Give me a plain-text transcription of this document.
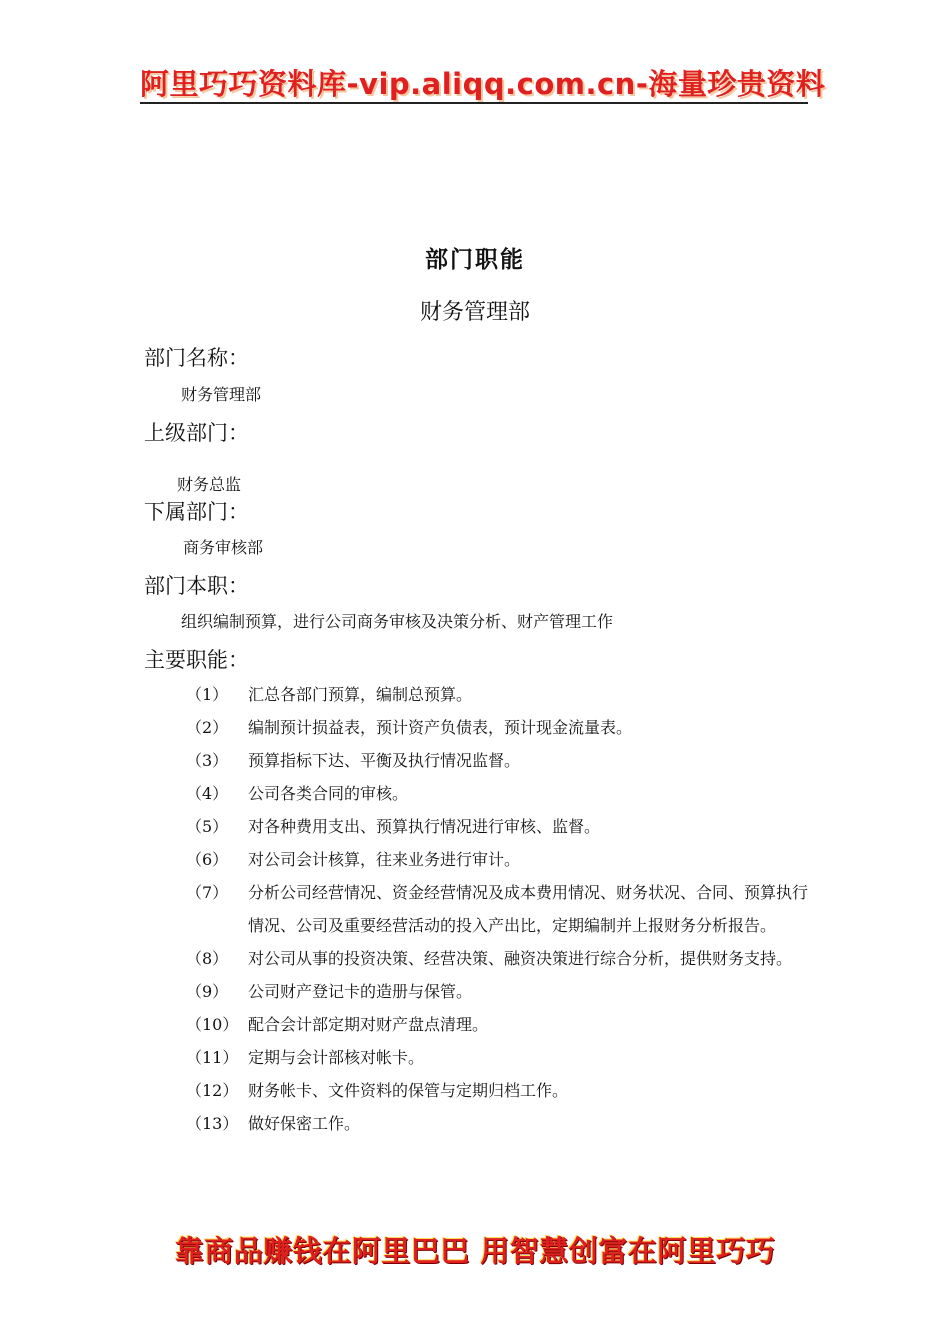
阿里巧巧资料库-vip.aliqq.com.cn-海量珍贵资料
部门职能
财务管理部
部门名称：
财务管理部
上级部门：
财务总监
下属部门：
商务审核部
部门本职：
组织编制预算，进行公司商务审核及决策分析、财产管理工作
主要职能：
（1）	汇总各部门预算，编制总预算。
（2）	编制预计损益表，预计资产负债表，预计现金流量表。
（3）	预算指标下达、平衡及执行情况监督。
（4）	公司各类合同的审核。
（5）	对各种费用支出、预算执行情况进行审核、监督。
（6）	对公司会计核算，往来业务进行审计。
（7）	分析公司经营情况、资金经营情况及成本费用情况、财务状况、合同、预算执行情况、公司及重要经营活动的投入产出比，定期编制并上报财务分析报告。
（8）	对公司从事的投资决策、经营决策、融资决策进行综合分析，提供财务支持。
（9）	公司财产登记卡的造册与保管。
（10） 配合会计部定期对财产盘点清理。
（11） 定期与会计部核对帐卡。
（12） 财务帐卡、文件资料的保管与定期归档工作。
（13） 做好保密工作。
靠商品赚钱在阿里巴巴 用智慧创富在阿里巧巧
